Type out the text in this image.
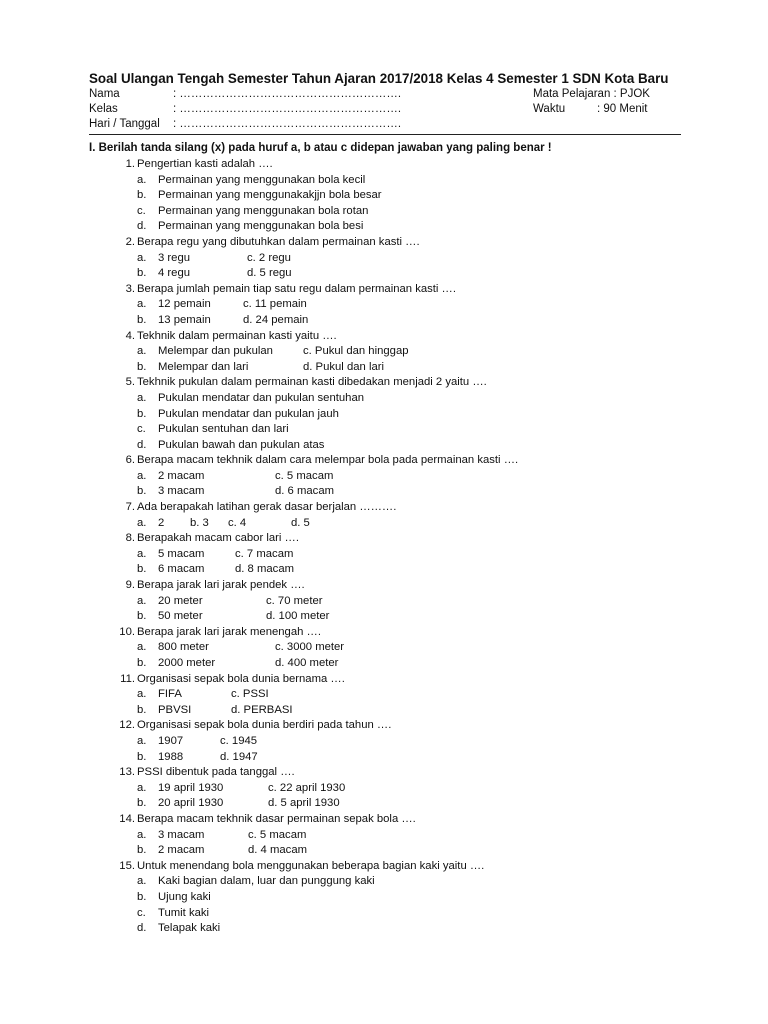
Soal Ulangan Tengah Semester Tahun Ajaran 2017/2018 Kelas 4 Semester 1 SDN Kota Baru
Nama	: ………………………………………………….
Kelas	: ………………………………………………….
Hari / Tanggal : ………………………………………………….
Mata Pelajaran : PJOK
Waktu	: 90 Menit
I. Berilah tanda silang (x) pada huruf a, b atau c didepan jawaban yang paling benar !
1. Pengertian kasti adalah ….
a. Permainan yang menggunakan bola kecil
b. Permainan yang menggunakakjjn bola besar
c. Permainan yang menggunakan bola rotan
d. Permainan yang menggunakan bola besi
2. Berapa regu yang dibutuhkan dalam permainan kasti ….
a. 3 regu	c. 2 regu
b. 4 regu	d. 5 regu
3. Berapa jumlah pemain tiap satu regu dalam permainan kasti ….
a. 12 pemain	c. 11 pemain
b. 13 pemain	d. 24 pemain
4. Tekhnik dalam permainan kasti yaitu ….
a. Melempar dan pukulan	c. Pukul dan hinggap
b. Melempar dan lari	d. Pukul dan lari
5. Tekhnik pukulan dalam permainan kasti dibedakan menjadi 2 yaitu ….
a. Pukulan mendatar dan pukulan sentuhan
b. Pukulan mendatar dan pukulan jauh
c. Pukulan sentuhan dan lari
d. Pukulan bawah dan pukulan atas
6. Berapa macam tekhnik dalam cara melempar bola pada permainan kasti ….
a. 2 macam	c. 5 macam
b. 3 macam	d. 6 macam
7. Ada berapakah latihan gerak dasar berjalan ……….
a. 2 b. 3 c. 4	d. 5
8. Berapakah macam cabor lari ….
a. 5 macam	c. 7 macam
b. 6 macam	d. 8 macam
9. Berapa jarak lari jarak pendek ….
a. 20 meter	c. 70 meter
b. 50 meter	d. 100 meter
10. Berapa jarak lari jarak menengah ….
a. 800 meter	c. 3000 meter
b. 2000 meter	d. 400 meter
11. Organisasi sepak bola dunia bernama ….
a. FIFA	c. PSSI
b. PBVSI	d. PERBASI
12. Organisasi sepak bola dunia berdiri pada tahun ….
a. 1907	c. 1945
b. 1988	d. 1947
13. PSSI dibentuk pada tanggal ….
a. 19 april 1930	c. 22 april 1930
b. 20 april 1930	d. 5 april 1930
14. Berapa macam tekhnik dasar permainan sepak bola ….
a. 3 macam	c. 5 macam
b. 2 macam	d. 4 macam
15. Untuk menendang bola menggunakan beberapa bagian kaki yaitu ….
a. Kaki bagian dalam, luar dan punggung kaki
b. Ujung kaki
c. Tumit kaki
d. Telapak kaki
